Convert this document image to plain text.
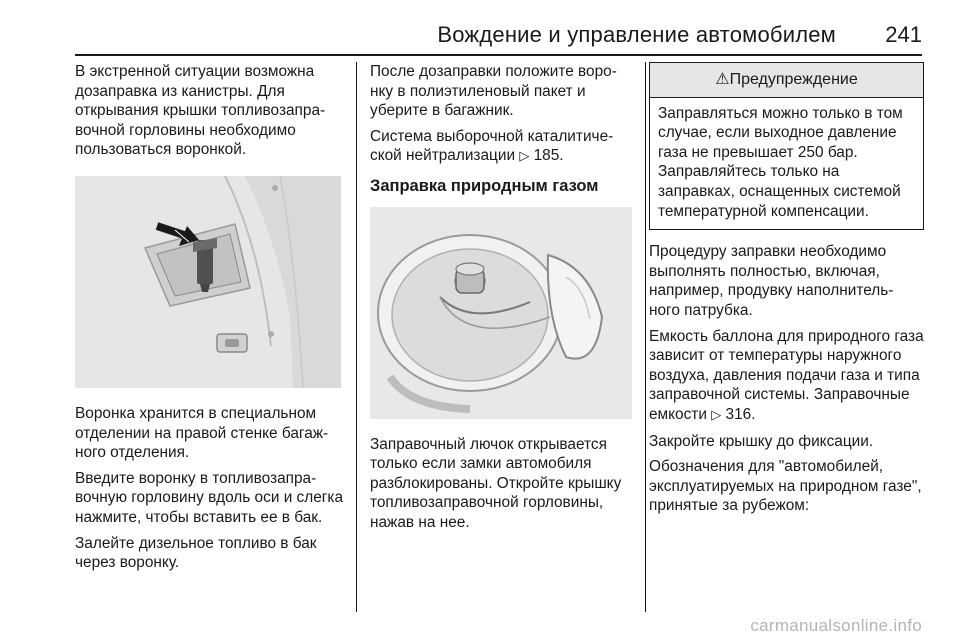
Вождение и управление автомобилем 241

В экстренной ситуации возможна дозаправка из канистры. Для открывания крышки топливозапра-вочной горловины необходимо пользоваться воронкой.

Воронка хранится в специальном отделении на правой стенке багаж-ного отделения.

Введите воронку в топливозапра-вочную горловину вдоль оси и слегка нажмите, чтобы вставить ее в бак.

Залейте дизельное топливо в бак через воронку.

После дозаправки положите воро-нку в полиэтиленовый пакет и уберите в багажник.

Система выборочной каталитиче-ской нейтрализации ▷ 185.

Заправка природным газом

Заправочный лючок открывается только если замки автомобиля разблокированы. Откройте крышку топливозаправочной горловины, нажав на нее.

⚠Предупреждение
Заправляться можно только в том случае, если выходное давление газа не превышает 250 бар. Заправляйтесь только на заправках, оснащенных системой температурной компенсации.

Процедуру заправки необходимо выполнять полностью, включая, например, продувку наполнитель-ного патрубка.

Емкость баллона для природного газа зависит от температуры наружного воздуха, давления подачи газа и типа заправочной системы. Заправочные емкости ▷ 316.

Закройте крышку до фиксации.

Обозначения для "автомобилей, эксплуатируемых на природном газе", принятые за рубежом:

carmanualsonline.info
